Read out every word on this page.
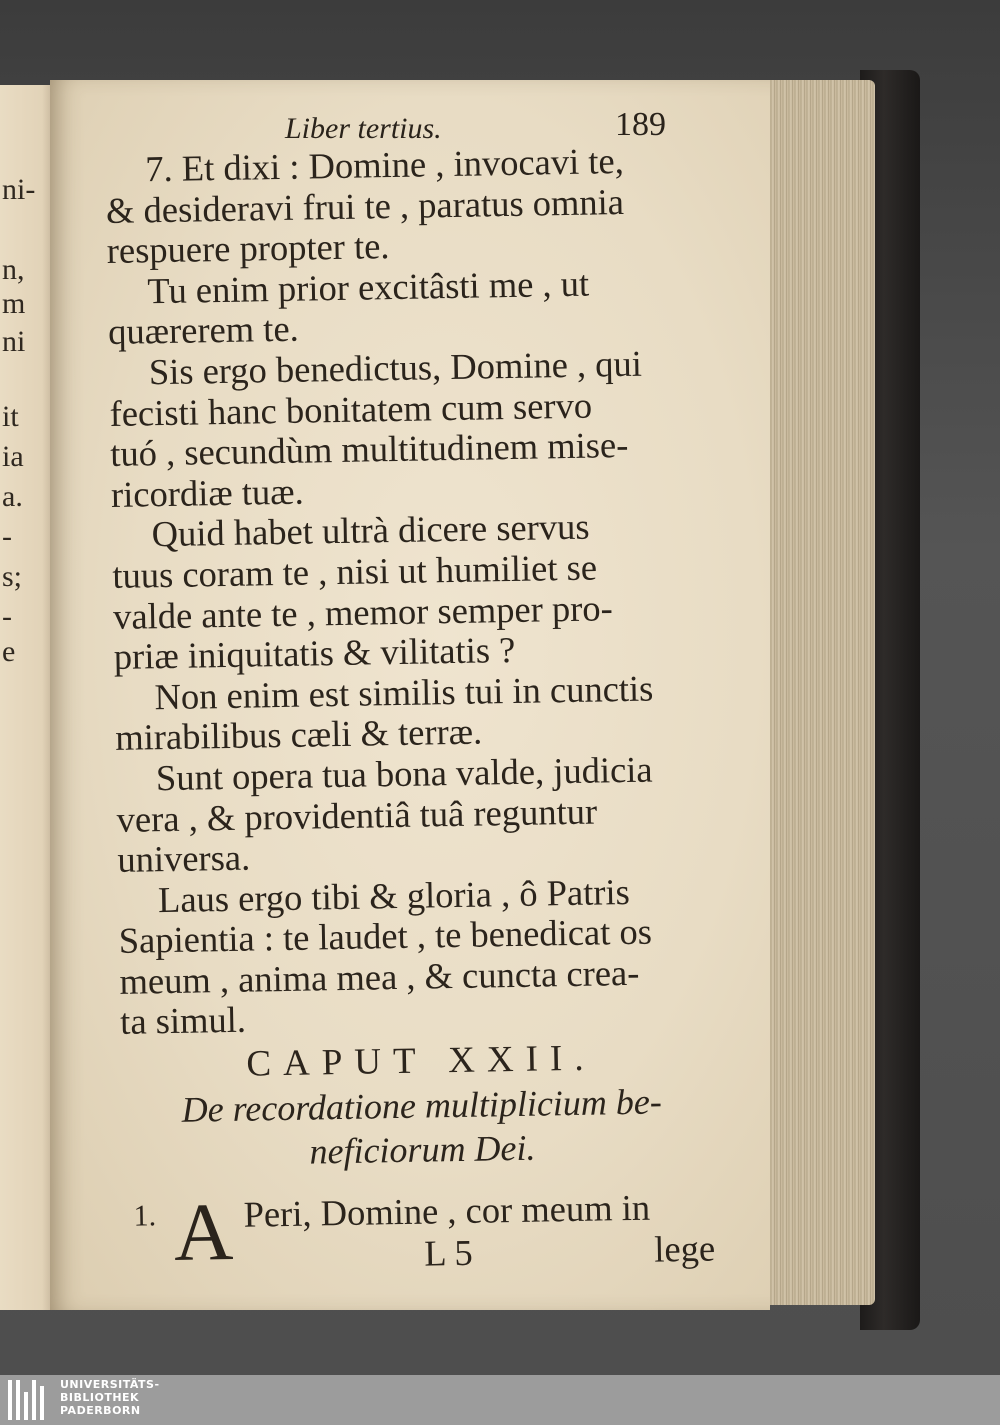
ni-
n,
m
ni
it
ia
a.
-
s;
-
e
Liber tertius.	189
7. Et dixi : Domine , invocavi te,
& desideravi frui te , paratus omnia
respuere propter te.
Tu enim prior excitâsti me , ut
quærerem te.
Sis ergo benedictus, Domine , qui
fecisti hanc bonitatem cum servo
tuó , secundùm multitudinem mise-
ricordiæ tuæ.
Quid habet ultrà dicere servus
tuus coram te , nisi ut humiliet se
valde ante te , memor semper pro-
priæ iniquitatis & vilitatis ?
Non enim est similis tui in cunctis
mirabilibus cæli & terræ.
Sunt opera tua bona valde, judicia
vera , & providentiâ tuâ reguntur
universa.
Laus ergo tibi & gloria , ô Patris
Sapientia : te laudet , te benedicat os
meum , anima mea , & cuncta crea-
ta simul.
CAPUT XXII.
De recordatione multiplicium be-
neficiorum Dei.
1. A Peri, Domine , cor meum in
L 5	lege
UNIVERSITÄTS-
BIBLIOTHEK
PADERBORN
